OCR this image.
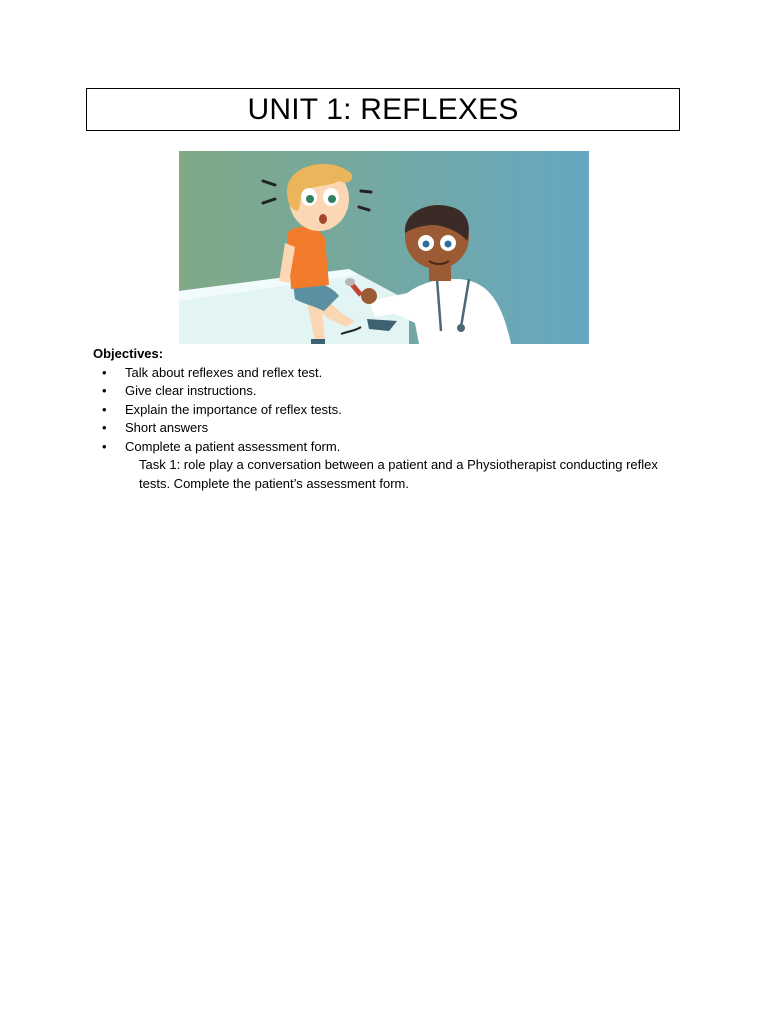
UNIT 1: REFLEXES

Objectives:

• Talk about reflexes and reflex test.
• Give clear instructions.
• Explain the importance of reflex tests.
• Short answers
• Complete a patient assessment form.
Task 1: role play a conversation between a patient and a Physiotherapist conducting reflex tests. Complete the patient’s assessment form.
